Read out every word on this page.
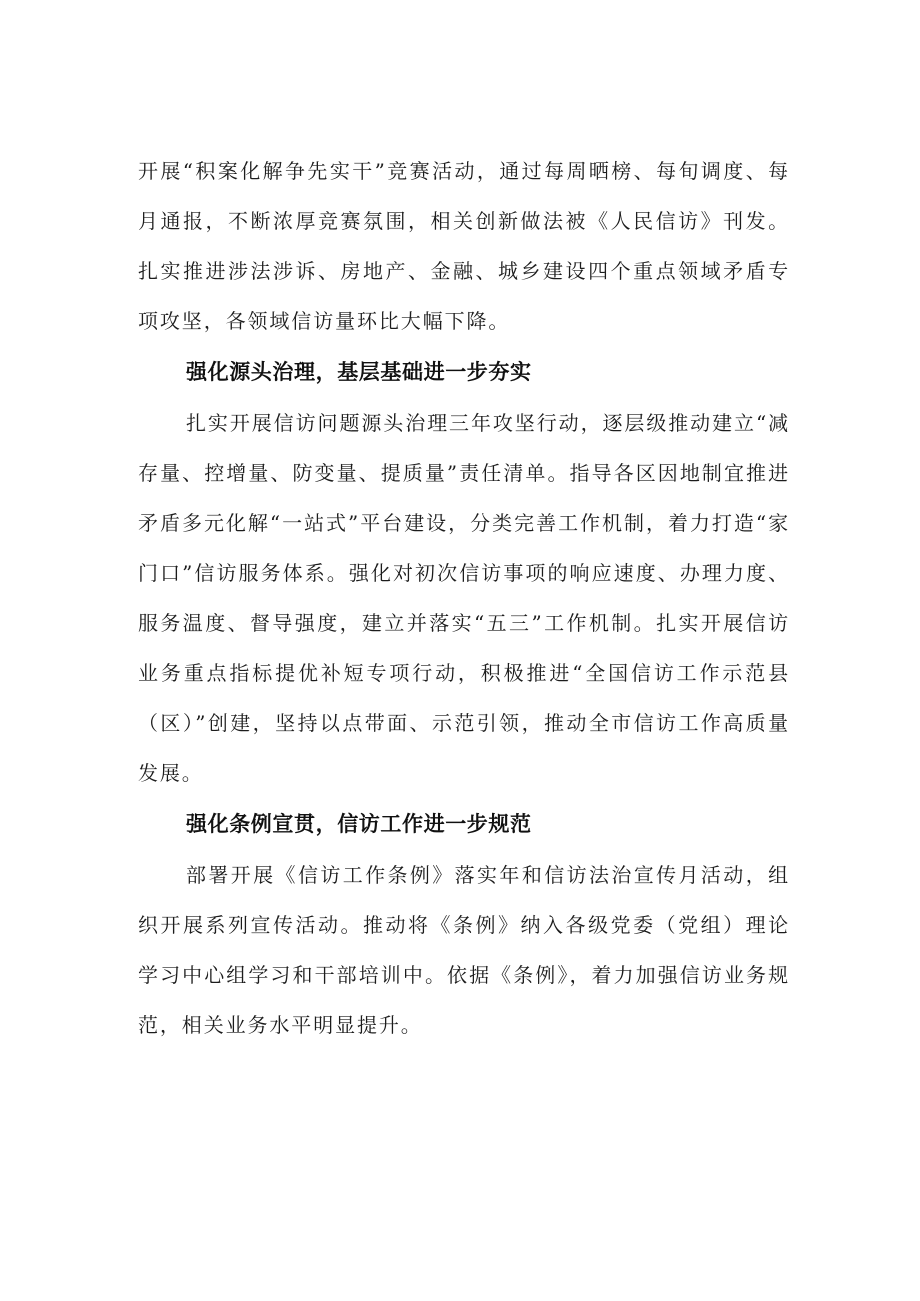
开展“积案化解争先实干”竞赛活动，通过每周晒榜、每旬调度、每月通报，不断浓厚竞赛氛围，相关创新做法被《人民信访》刊发。扎实推进涉法涉诉、房地产、金融、城乡建设四个重点领域矛盾专项攻坚，各领域信访量环比大幅下降。

强化源头治理，基层基础进一步夯实

扎实开展信访问题源头治理三年攻坚行动，逐层级推动建立“减存量、控增量、防变量、提质量”责任清单。指导各区因地制宜推进矛盾多元化解“一站式”平台建设，分类完善工作机制，着力打造“家门口”信访服务体系。强化对初次信访事项的响应速度、办理力度、服务温度、督导强度，建立并落实“五三”工作机制。扎实开展信访业务重点指标提优补短专项行动，积极推进“全国信访工作示范县（区）”创建，坚持以点带面、示范引领，推动全市信访工作高质量发展。

强化条例宣贯，信访工作进一步规范

部署开展《信访工作条例》落实年和信访法治宣传月活动，组织开展系列宣传活动。推动将《条例》纳入各级党委（党组）理论学习中心组学习和干部培训中。依据《条例》，着力加强信访业务规范，相关业务水平明显提升。
